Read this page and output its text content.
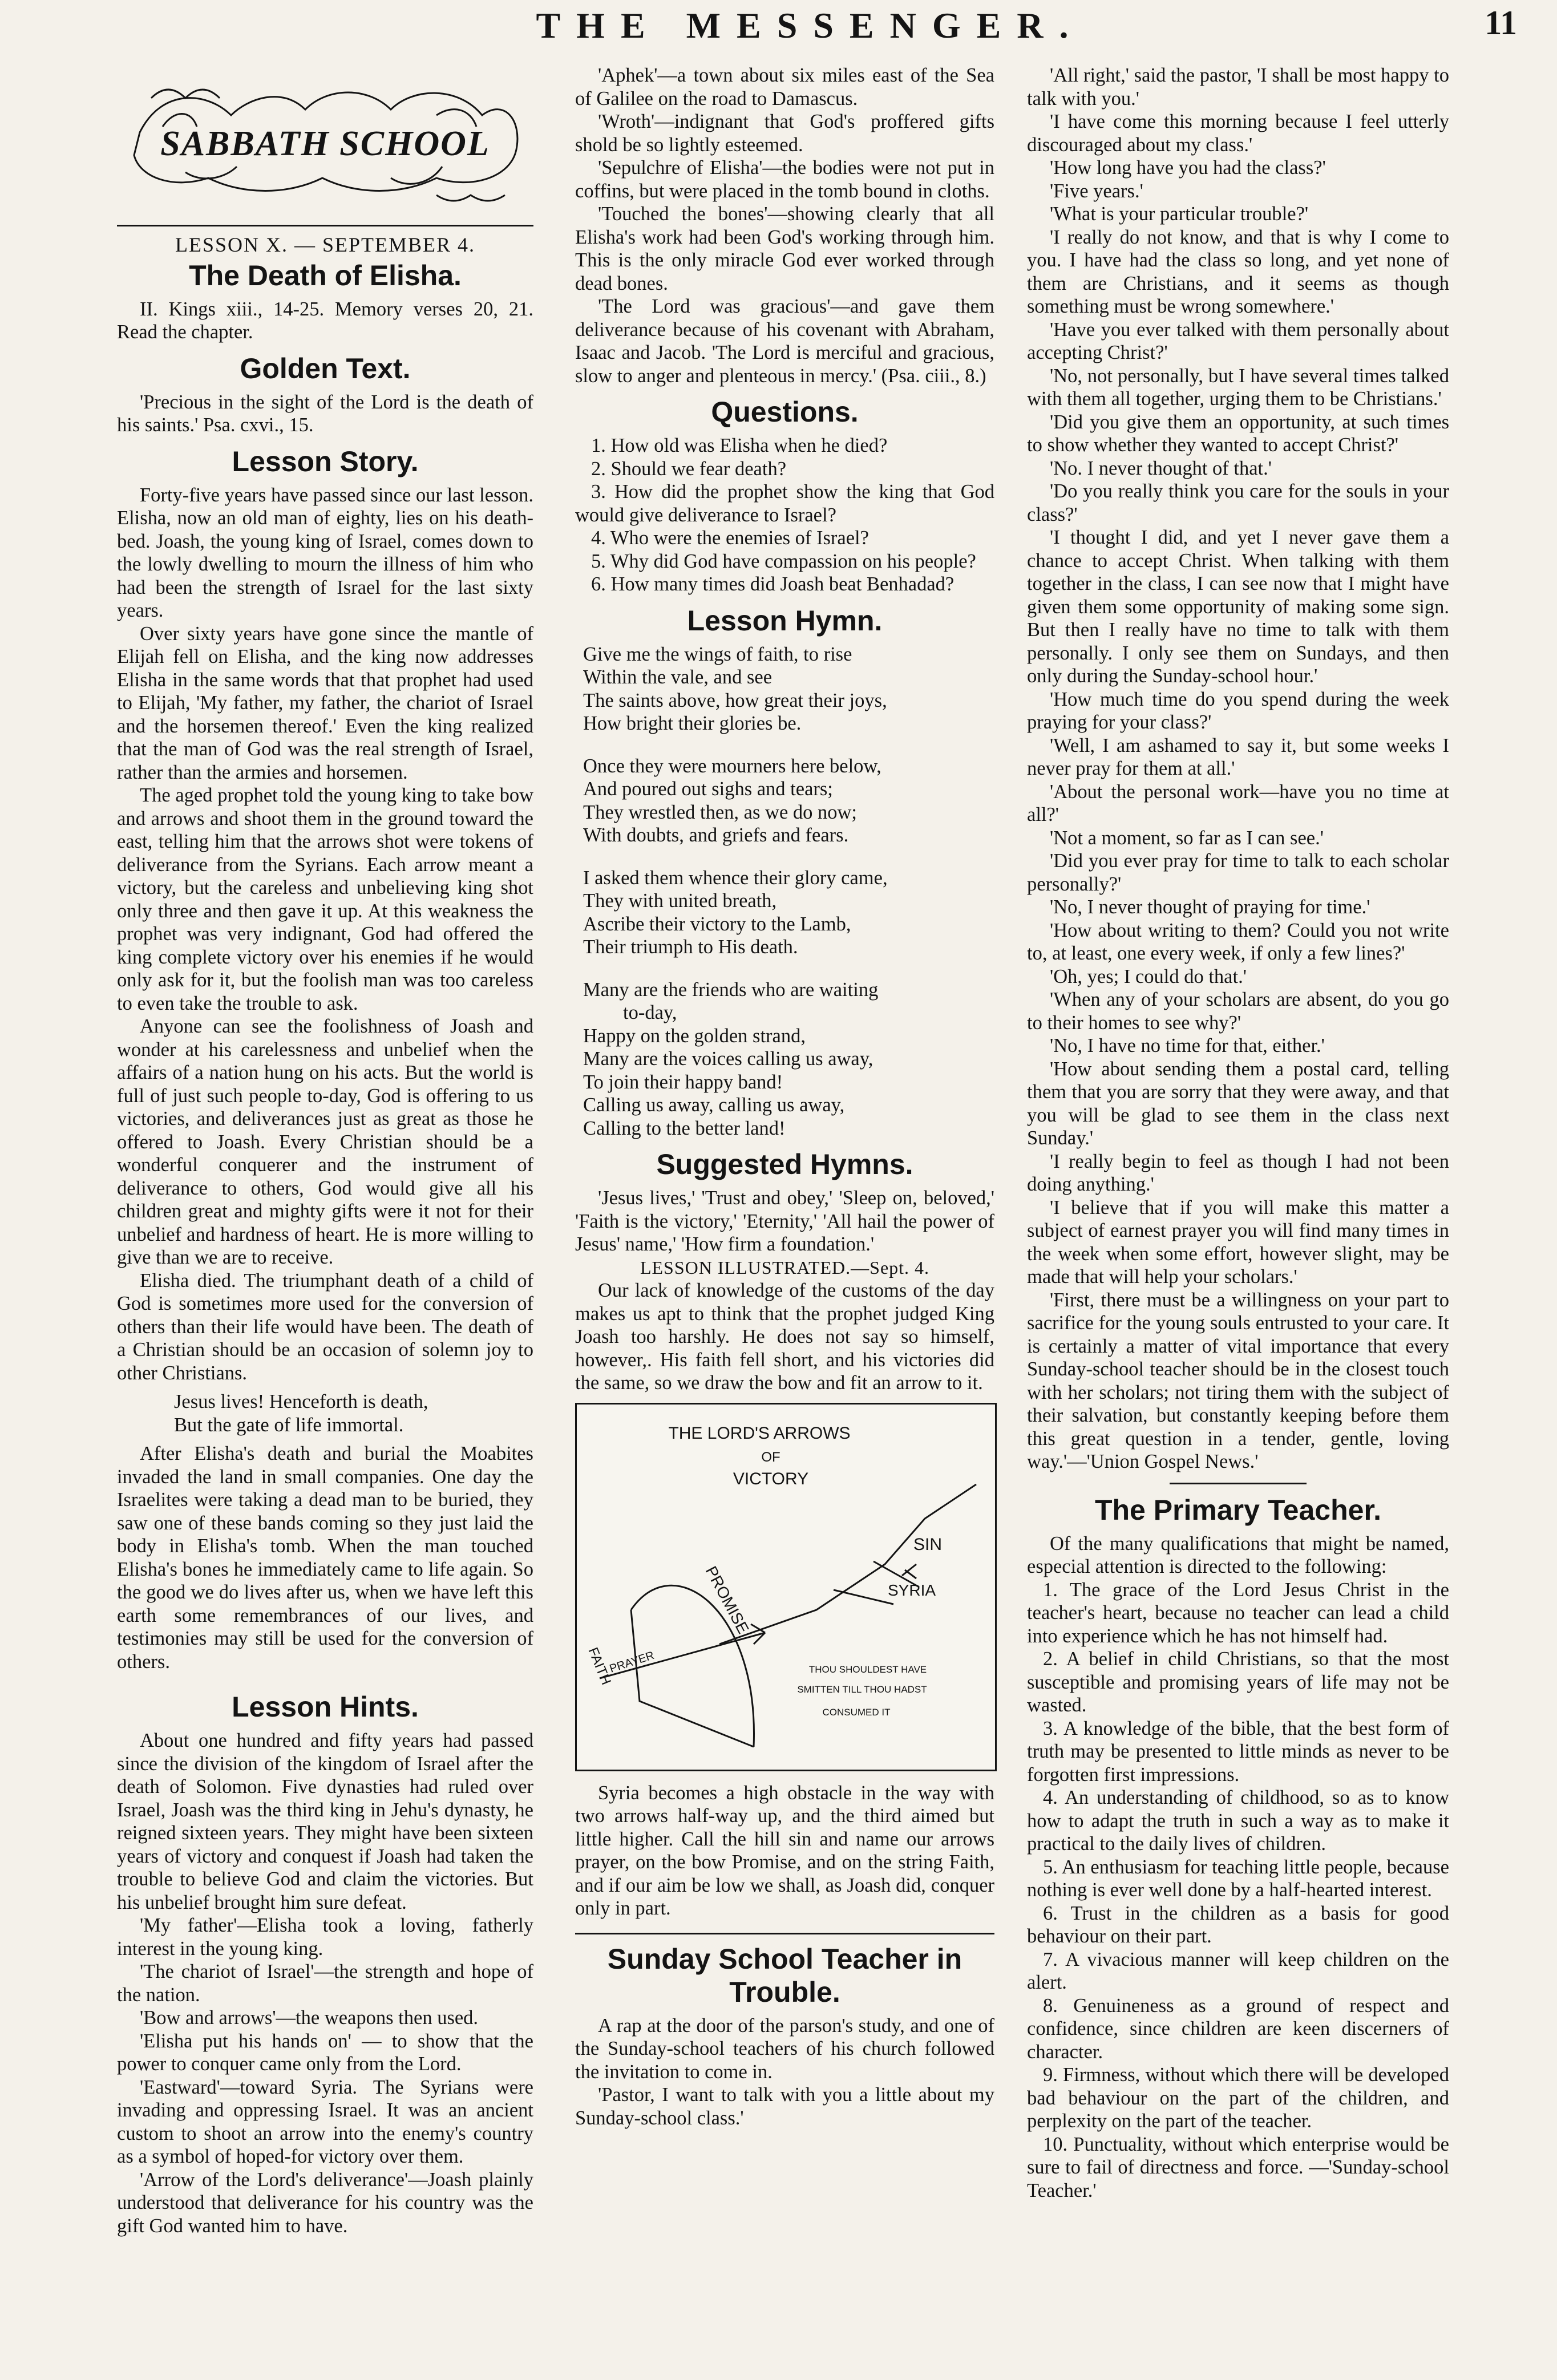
THE MESSENGER.	11
SABBATH SCHOOL
LESSON X. — SEPTEMBER 4.
The Death of Elisha.

II. Kings xiii., 14-25. Memory verses 20, 21. Read the chapter.

Golden Text.

'Precious in the sight of the Lord is the death of his saints.' Psa. cxvi., 15.

Lesson Story.

Forty-five years have passed since our last lesson. Elisha, now an old man of eighty, lies on his death-bed. Joash, the young king of Israel, comes down to the lowly dwelling to mourn the illness of him who had been the strength of Israel for the last sixty years.

Over sixty years have gone since the mantle of Elijah fell on Elisha, and the king now addresses Elisha in the same words that that prophet had used to Elijah, 'My father, my father, the chariot of Israel and the horsemen thereof.' Even the king realized that the man of God was the real strength of Israel, rather than the armies and horsemen.

The aged prophet told the young king to take bow and arrows and shoot them in the ground toward the east, telling him that the arrows shot were tokens of deliverance from the Syrians. Each arrow meant a victory, but the careless and unbelieving king shot only three and then gave it up. At this weakness the prophet was very indignant, God had offered the king complete victory over his enemies if he would only ask for it, but the foolish man was too careless to even take the trouble to ask.

Anyone can see the foolishness of Joash and wonder at his carelessness and unbelief when the affairs of a nation hung on his acts. But the world is full of just such people to-day, God is offering to us victories, and deliverances just as great as those he offered to Joash. Every Christian should be a wonderful conquerer and the instrument of deliverance to others, God would give all his children great and mighty gifts were it not for their unbelief and hardness of heart. He is more willing to give than we are to receive.

Elisha died. The triumphant death of a child of God is sometimes more used for the conversion of others than their life would have been. The death of a Christian should be an occasion of solemn joy to other Christians.

Jesus lives! Henceforth is death,
But the gate of life immortal.

After Elisha's death and burial the Moabites invaded the land in small companies. One day the Israelites were taking a dead man to be buried, they saw one of these bands coming so they just laid the body in Elisha's tomb. When the man touched Elisha's bones he immediately came to life again. So the good we do lives after us, when we have left this earth some remembrances of our lives, and testimonies may still be used for the conversion of others.

Lesson Hints.

About one hundred and fifty years had passed since the division of the kingdom of Israel after the death of Solomon. Five dynasties had ruled over Israel, Joash was the third king in Jehu's dynasty, he reigned sixteen years. They might have been sixteen years of victory and conquest if Joash had taken the trouble to believe God and claim the victories. But his unbelief brought him sure defeat.

'My father'—Elisha took a loving, fatherly interest in the young king.

'The chariot of Israel'—the strength and hope of the nation.

'Bow and arrows'—the weapons then used.

'Elisha put his hands on' — to show that the power to conquer came only from the Lord.

'Eastward'—toward Syria. The Syrians were invading and oppressing Israel. It was an ancient custom to shoot an arrow into the enemy's country as a symbol of hoped-for victory over them.

'Arrow of the Lord's deliverance'—Joash plainly understood that deliverance for his country was the gift God wanted him to have.

'Aphek'—a town about six miles east of the Sea of Galilee on the road to Damascus.

'Wroth'—indignant that God's proffered gifts shold be so lightly esteemed.

'Sepulchre of Elisha'—the bodies were not put in coffins, but were placed in the tomb bound in cloths.

'Touched the bones'—showing clearly that all Elisha's work had been God's working through him. This is the only miracle God ever worked through dead bones.

'The Lord was gracious'—and gave them deliverance because of his covenant with Abraham, Isaac and Jacob. 'The Lord is merciful and gracious, slow to anger and plenteous in mercy.' (Psa. ciii., 8.)

Questions.

1. How old was Elisha when he died?

2. Should we fear death?

3. How did the prophet show the king that God would give deliverance to Israel?

4. Who were the enemies of Israel?

5. Why did God have compassion on his people?

6. How many times did Joash beat Benhadad?

Lesson Hymn.
Give me the wings of faith, to rise
Within the vale, and see
The saints above, how great their joys,
How bright their glories be.
Once they were mourners here below,
And poured out sighs and tears;
They wrestled then, as we do now;
With doubts, and griefs and fears.
I asked them whence their glory came,
They with united breath,
Ascribe their victory to the Lamb,
Their triumph to His death.
Many are the friends who are waiting
to-day,
Happy on the golden strand,
Many are the voices calling us away,
To join their happy band!
Calling us away, calling us away,
Calling to the better land!
Suggested Hymns.

'Jesus lives,' 'Trust and obey,' 'Sleep on, beloved,' 'Faith is the victory,' 'Eternity,' 'All hail the power of Jesus' name,' 'How firm a foundation.'

LESSON ILLUSTRATED.—Sept. 4.

Our lack of knowledge of the customs of the day makes us apt to think that the prophet judged King Joash too harshly. He does not say so himself, however,. His faith fell short, and his victories did the same, so we draw the bow and fit an arrow to it.

THE LORD'S ARROWS
OF
VICTORY
SIN
SYRIA
PROMISE
PRAYER
FAITH	THOU SHOULDEST HAVE
SMITTEN TILL THOU HADST
CONSUMED IT

Syria becomes a high obstacle in the way with two arrows half-way up, and the third aimed but little higher. Call the hill sin and name our arrows prayer, on the bow Promise, and on the string Faith, and if our aim be low we shall, as Joash did, conquer only in part.

Sunday School Teacher in Trouble.

A rap at the door of the parson's study, and one of the Sunday-school teachers of his church followed the invitation to come in.

'Pastor, I want to talk with you a little about my Sunday-school class.'

'All right,' said the pastor, 'I shall be most happy to talk with you.'

'I have come this morning because I feel utterly discouraged about my class.'

'How long have you had the class?'

'Five years.'

'What is your particular trouble?'

'I really do not know, and that is why I come to you. I have had the class so long, and yet none of them are Christians, and it seems as though something must be wrong somewhere.'

'Have you ever talked with them personally about accepting Christ?'

'No, not personally, but I have several times talked with them all together, urging them to be Christians.'

'Did you give them an opportunity, at such times to show whether they wanted to accept Christ?'

'No. I never thought of that.'

'Do you really think you care for the souls in your class?'

'I thought I did, and yet I never gave them a chance to accept Christ. When talking with them together in the class, I can see now that I might have given them some opportunity of making some sign. But then I really have no time to talk with them personally. I only see them on Sundays, and then only during the Sunday-school hour.'

'How much time do you spend during the week praying for your class?'

'Well, I am ashamed to say it, but some weeks I never pray for them at all.'

'About the personal work—have you no time at all?'

'Not a moment, so far as I can see.'

'Did you ever pray for time to talk to each scholar personally?'

'No, I never thought of praying for time.'

'How about writing to them? Could you not write to, at least, one every week, if only a few lines?'

'Oh, yes; I could do that.'

'When any of your scholars are absent, do you go to their homes to see why?'

'No, I have no time for that, either.'

'How about sending them a postal card, telling them that you are sorry that they were away, and that you will be glad to see them in the class next Sunday.'

'I really begin to feel as though I had not been doing anything.'

'I believe that if you will make this matter a subject of earnest prayer you will find many times in the week when some effort, however slight, may be made that will help your scholars.'

'First, there must be a willingness on your part to sacrifice for the young souls entrusted to your care. It is certainly a matter of vital importance that every Sunday-school teacher should be in the closest touch with her scholars; not tiring them with the subject of their salvation, but constantly keeping before them this great question in a tender, gentle, loving way.'—'Union Gospel News.'

The Primary Teacher.

Of the many qualifications that might be named, especial attention is directed to the following:

1. The grace of the Lord Jesus Christ in the teacher's heart, because no teacher can lead a child into experience which he has not himself had.

2. A belief in child Christians, so that the most susceptible and promising years of life may not be wasted.

3. A knowledge of the bible, that the best form of truth may be presented to little minds as never to be forgotten first impressions.

4. An understanding of childhood, so as to know how to adapt the truth in such a way as to make it practical to the daily lives of children.

5. An enthusiasm for teaching little people, because nothing is ever well done by a half-hearted interest.

6. Trust in the children as a basis for good behaviour on their part.

7. A vivacious manner will keep children on the alert.

8. Genuineness as a ground of respect and confidence, since children are keen discerners of character.

9. Firmness, without which there will be developed bad behaviour on the part of the children, and perplexity on the part of the teacher.

10. Punctuality, without which enterprise would be sure to fail of directness and force. —'Sunday-school Teacher.'
